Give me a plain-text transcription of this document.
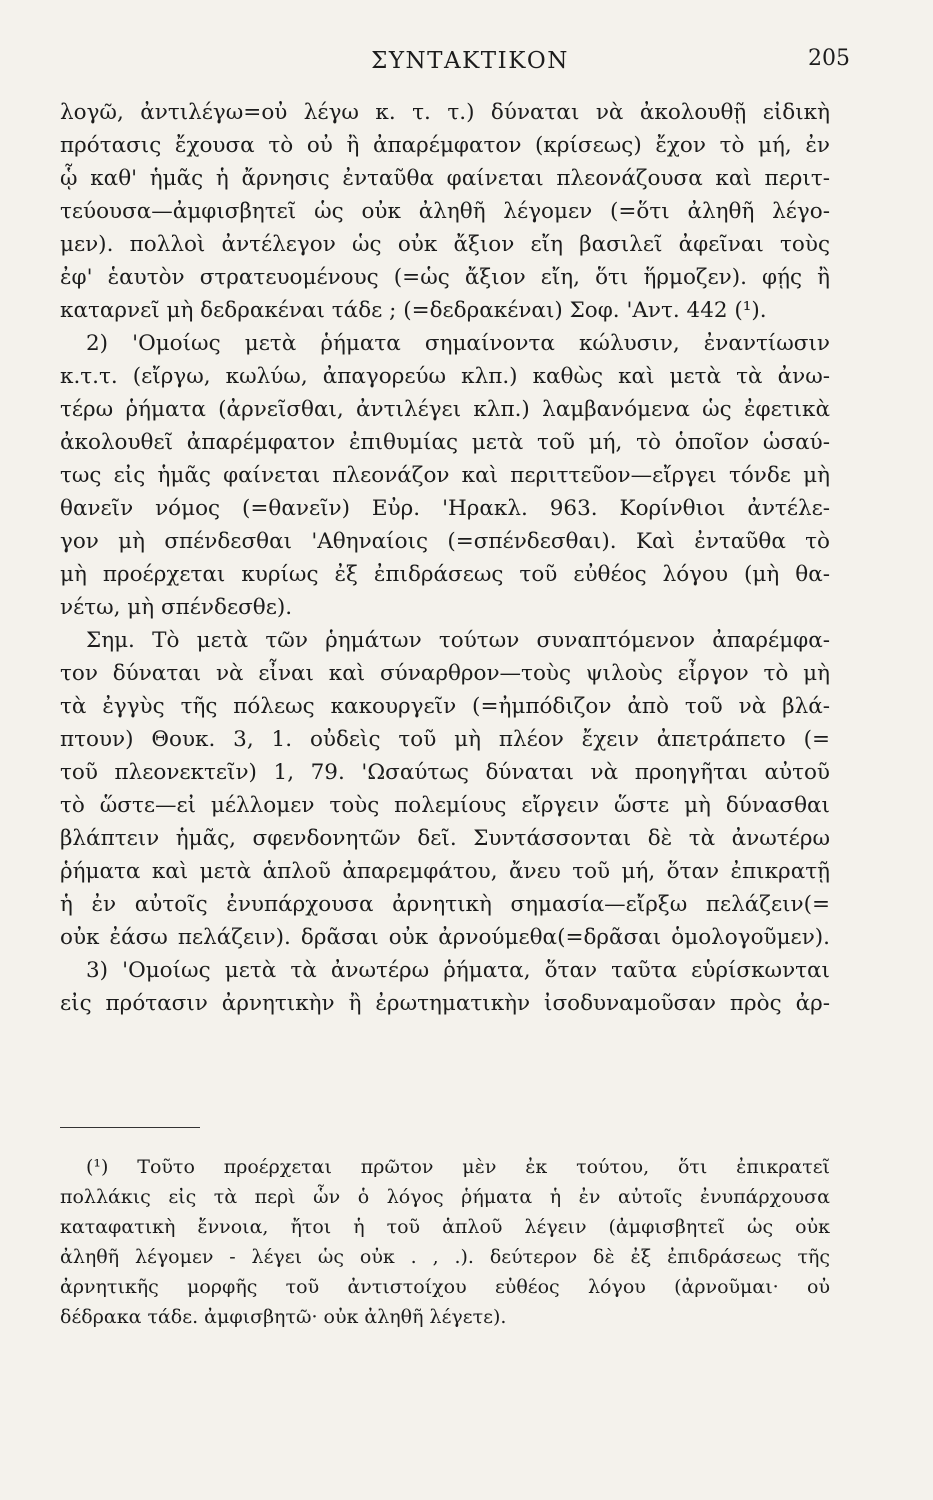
ΣΥΝΤΑΚΤΙΚΟΝ	205
λογῶ, ἀντιλέγω=οὐ λέγω κ. τ. τ.) δύναται νὰ ἀκολουθῇ εἰδικὴ
πρότασις ἔχουσα τὸ οὐ ἢ ἀπαρέμφατον (κρίσεως) ἔχον τὸ μή, ἐν
ᾧ καθ' ἡμᾶς ἡ ἄρνησις ἐνταῦθα φαίνεται πλεονάζουσα καὶ περιτ-
τεύουσα—ἀμφισβητεῖ ὡς οὐκ ἀληθῆ λέγομεν (=ὅτι ἀληθῆ λέγο-
μεν). πολλοὶ ἀντέλεγον ὡς οὐκ ἄξιον εἴη βασιλεῖ ἀφεῖναι τοὺς
ἐφ' ἑαυτὸν στρατευομένους (=ὡς ἄξιον εἴη, ὅτι ἥρμοζεν). φῄς ἢ
καταρνεῖ μὴ δεδρακέναι τάδε ; (=δεδρακέναι) Σοφ. 'Αντ. 442 (¹).
2) 'Ομοίως μετὰ ῥήματα σημαίνοντα κώλυσιν, ἐναντίωσιν
κ.τ.τ. (εἴργω, κωλύω, ἀπαγορεύω κλπ.) καθὼς καὶ μετὰ τὰ ἀνω-
τέρω ῥήματα (ἀρνεῖσθαι, ἀντιλέγει κλπ.) λαμβανόμενα ὡς ἐφετικὰ
ἀκολουθεῖ ἀπαρέμφατον ἐπιθυμίας μετὰ τοῦ μή, τὸ ὁποῖον ὡσαύ-
τως εἰς ἡμᾶς φαίνεται πλεονάζον καὶ περιττεῦον—εἴργει τόνδε μὴ
θανεῖν νόμος (=θανεῖν) Εὐρ. 'Ηρακλ. 963. Κορίνθιοι ἀντέλε-
γον μὴ σπένδεσθαι 'Αθηναίοις (=σπένδεσθαι). Καὶ ἐνταῦθα τὸ
μὴ προέρχεται κυρίως ἐξ ἐπιδράσεως τοῦ εὐθέος λόγου (μὴ θα-
νέτω, μὴ σπένδεσθε).
Σημ. Τὸ μετὰ τῶν ῥημάτων τούτων συναπτόμενον ἀπαρέμφα-
τον δύναται νὰ εἶναι καὶ σύναρθρον—τοὺς ψιλοὺς εἶργον τὸ μὴ
τὰ ἐγγὺς τῆς πόλεως κακουργεῖν (=ἠμπόδιζον ἀπὸ τοῦ νὰ βλά-
πτουν) Θουκ. 3, 1. οὐδεὶς τοῦ μὴ πλέον ἔχειν ἀπετράπετο (=
τοῦ πλεονεκτεῖν) 1, 79. 'Ωσαύτως δύναται νὰ προηγῆται αὐτοῦ
τὸ ὥστε—εἰ μέλλομεν τοὺς πολεμίους εἴργειν ὥστε μὴ δύνασθαι
βλάπτειν ἡμᾶς, σφενδονητῶν δεῖ. Συντάσσονται δὲ τὰ ἀνωτέρω
ῥήματα καὶ μετὰ ἁπλοῦ ἀπαρεμφάτου, ἄνευ τοῦ μή, ὅταν ἐπικρατῇ
ἡ ἐν αὐτοῖς ἐνυπάρχουσα ἀρνητικὴ σημασία—εἴρξω πελάζειν(=
οὐκ ἐάσω πελάζειν). δρᾶσαι οὐκ ἀρνούμεθα(=δρᾶσαι ὁμολογοῦμεν).
3) 'Ομοίως μετὰ τὰ ἀνωτέρω ῥήματα, ὅταν ταῦτα εὑρίσκωνται
εἰς πρότασιν ἀρνητικὴν ἢ ἐρωτηματικὴν ἰσοδυναμοῦσαν πρὸς ἀρ-
(¹) Τοῦτο προέρχεται πρῶτον μὲν ἐκ τούτου, ὅτι ἐπικρατεῖ
πολλάκις εἰς τὰ περὶ ὧν ὁ λόγος ῥήματα ἡ ἐν αὐτοῖς ἐνυπάρχουσα
καταφατικὴ ἔννοια, ἤτοι ἡ τοῦ ἁπλοῦ λέγειν (ἀμφισβητεῖ ὡς οὐκ
ἀληθῆ λέγομεν - λέγει ὡς οὐκ . , .). δεύτερον δὲ ἐξ ἐπιδράσεως τῆς
ἀρνητικῆς μορφῆς τοῦ ἀντιστοίχου εὐθέος λόγου (ἀρνοῦμαι· οὐ
δέδρακα τάδε. ἀμφισβητῶ· οὐκ ἀληθῆ λέγετε).
